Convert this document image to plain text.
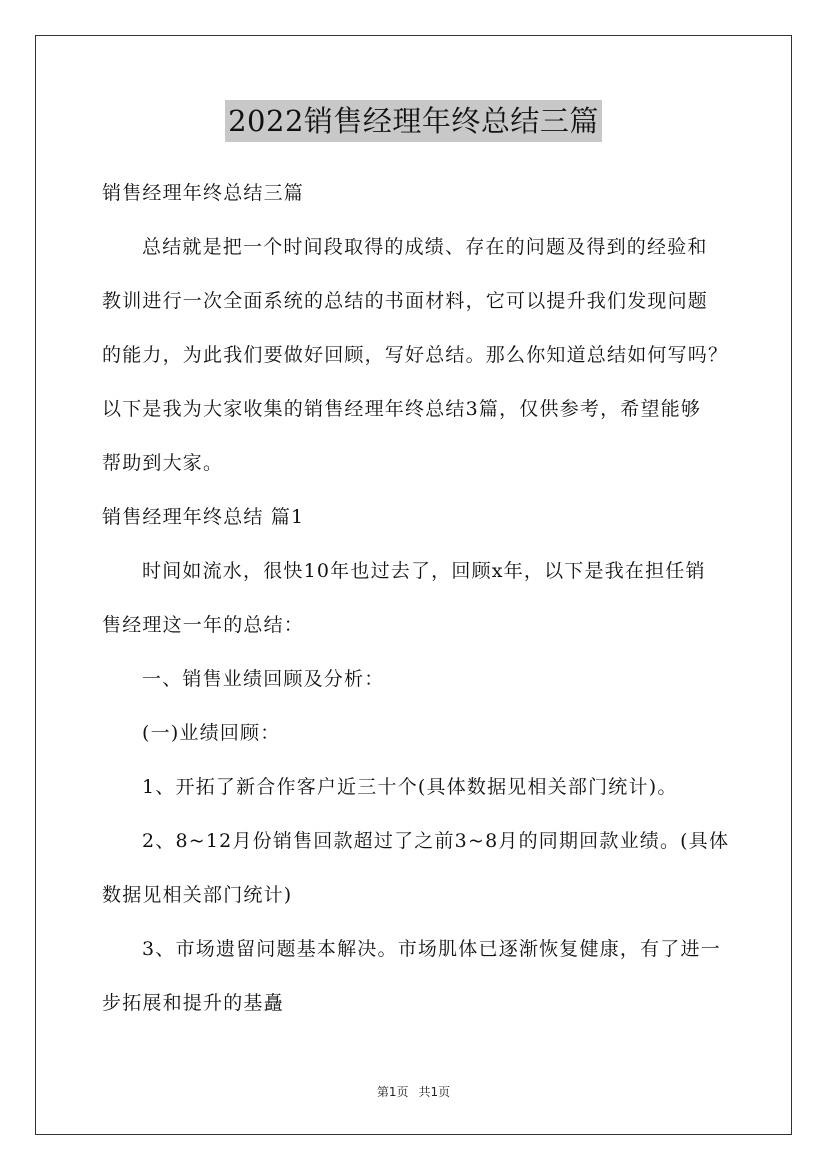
2022销售经理年终总结三篇

销售经理年终总结三篇

总结就是把一个时间段取得的成绩、存在的问题及得到的经验和

教训进行一次全面系统的总结的书面材料，它可以提升我们发现问题

的能力，为此我们要做好回顾，写好总结。那么你知道总结如何写吗？

以下是我为大家收集的销售经理年终总结3篇，仅供参考，希望能够

帮助到大家。

销售经理年终总结 篇1

时间如流水，很快10年也过去了，回顾x年，以下是我在担任销

售经理这一年的总结：

一、销售业绩回顾及分析：

(一)业绩回顾：

1、开拓了新合作客户近三十个(具体数据见相关部门统计)。

2、8~12月份销售回款超过了之前3~8月的同期回款业绩。(具体

数据见相关部门统计)

3、市场遗留问题基本解决。市场肌体已逐渐恢复健康，有了进一

步拓展和提升的基矗

第1页 共1页
